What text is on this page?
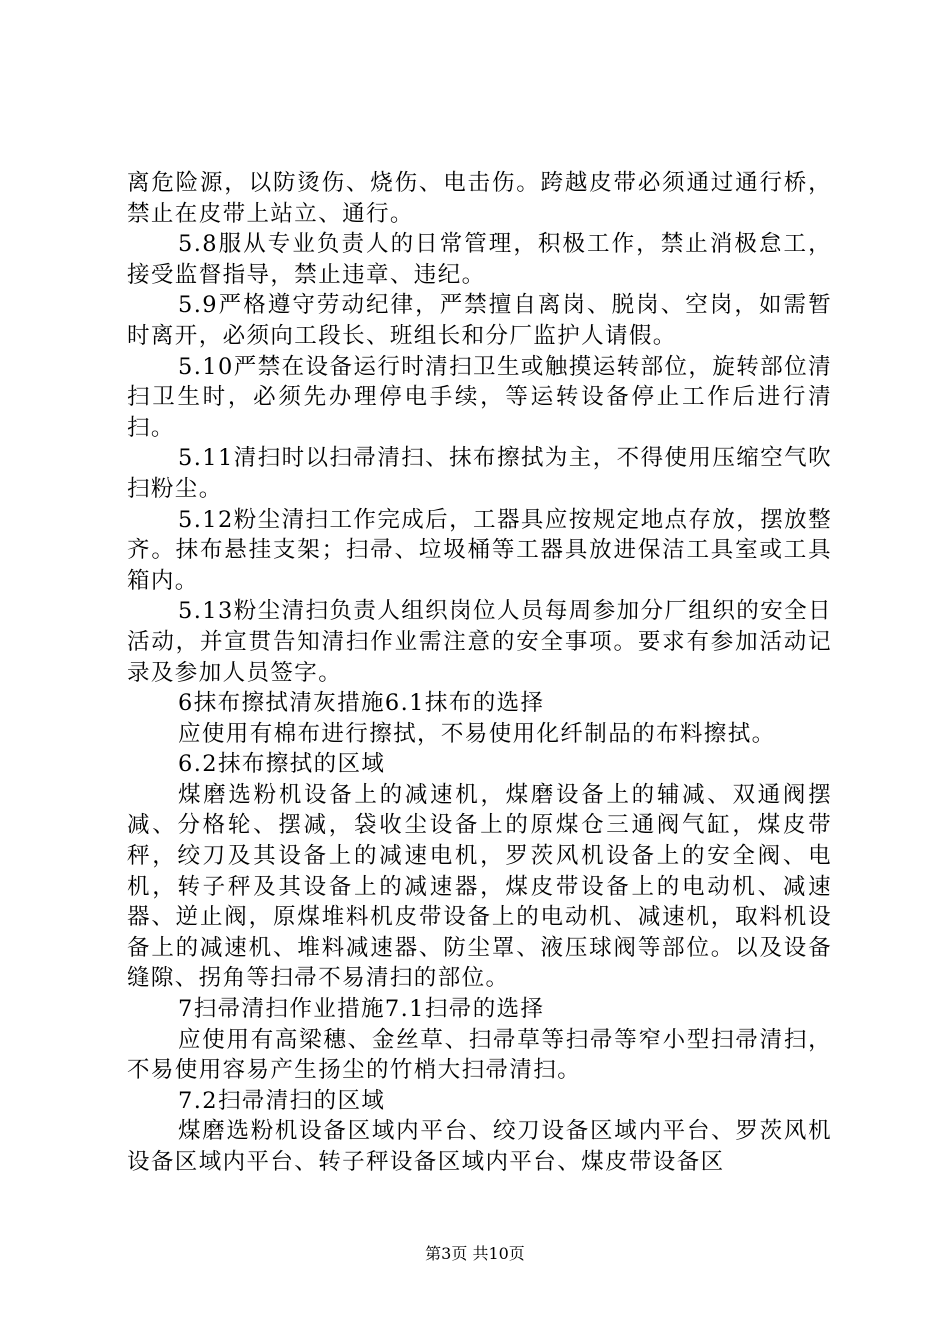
离危险源，以防烫伤、烧伤、电击伤。跨越皮带必须通过通行桥，禁止在皮带上站立、通行。

5.8服从专业负责人的日常管理，积极工作，禁止消极怠工，接受监督指导，禁止违章、违纪。

5.9严格遵守劳动纪律，严禁擅自离岗、脱岗、空岗，如需暂时离开，必须向工段长、班组长和分厂监护人请假。

5.10严禁在设备运行时清扫卫生或触摸运转部位，旋转部位清扫卫生时，必须先办理停电手续，等运转设备停止工作后进行清扫。

5.11清扫时以扫帚清扫、抹布擦拭为主，不得使用压缩空气吹扫粉尘。

5.12粉尘清扫工作完成后，工器具应按规定地点存放，摆放整齐。抹布悬挂支架；扫帚、垃圾桶等工器具放进保洁工具室或工具箱内。

5.13粉尘清扫负责人组织岗位人员每周参加分厂组织的安全日活动，并宣贯告知清扫作业需注意的安全事项。要求有参加活动记录及参加人员签字。

6抹布擦拭清灰措施6.1抹布的选择

应使用有棉布进行擦拭，不易使用化纤制品的布料擦拭。

6.2抹布擦拭的区域

煤磨选粉机设备上的减速机，煤磨设备上的辅减、双通阀摆减、分格轮、摆减，袋收尘设备上的原煤仓三通阀气缸，煤皮带秤，绞刀及其设备上的减速电机，罗茨风机设备上的安全阀、电机，转子秤及其设备上的减速器，煤皮带设备上的电动机、减速器、逆止阀，原煤堆料机皮带设备上的电动机、减速机，取料机设备上的减速机、堆料减速器、防尘罩、液压球阀等部位。以及设备缝隙、拐角等扫帚不易清扫的部位。

7扫帚清扫作业措施7.1扫帚的选择

应使用有高梁穗、金丝草、扫帚草等扫帚等窄小型扫帚清扫，不易使用容易产生扬尘的竹梢大扫帚清扫。

7.2扫帚清扫的区域

煤磨选粉机设备区域内平台、绞刀设备区域内平台、罗茨风机设备区域内平台、转子秤设备区域内平台、煤皮带设备区

第3页 共10页
